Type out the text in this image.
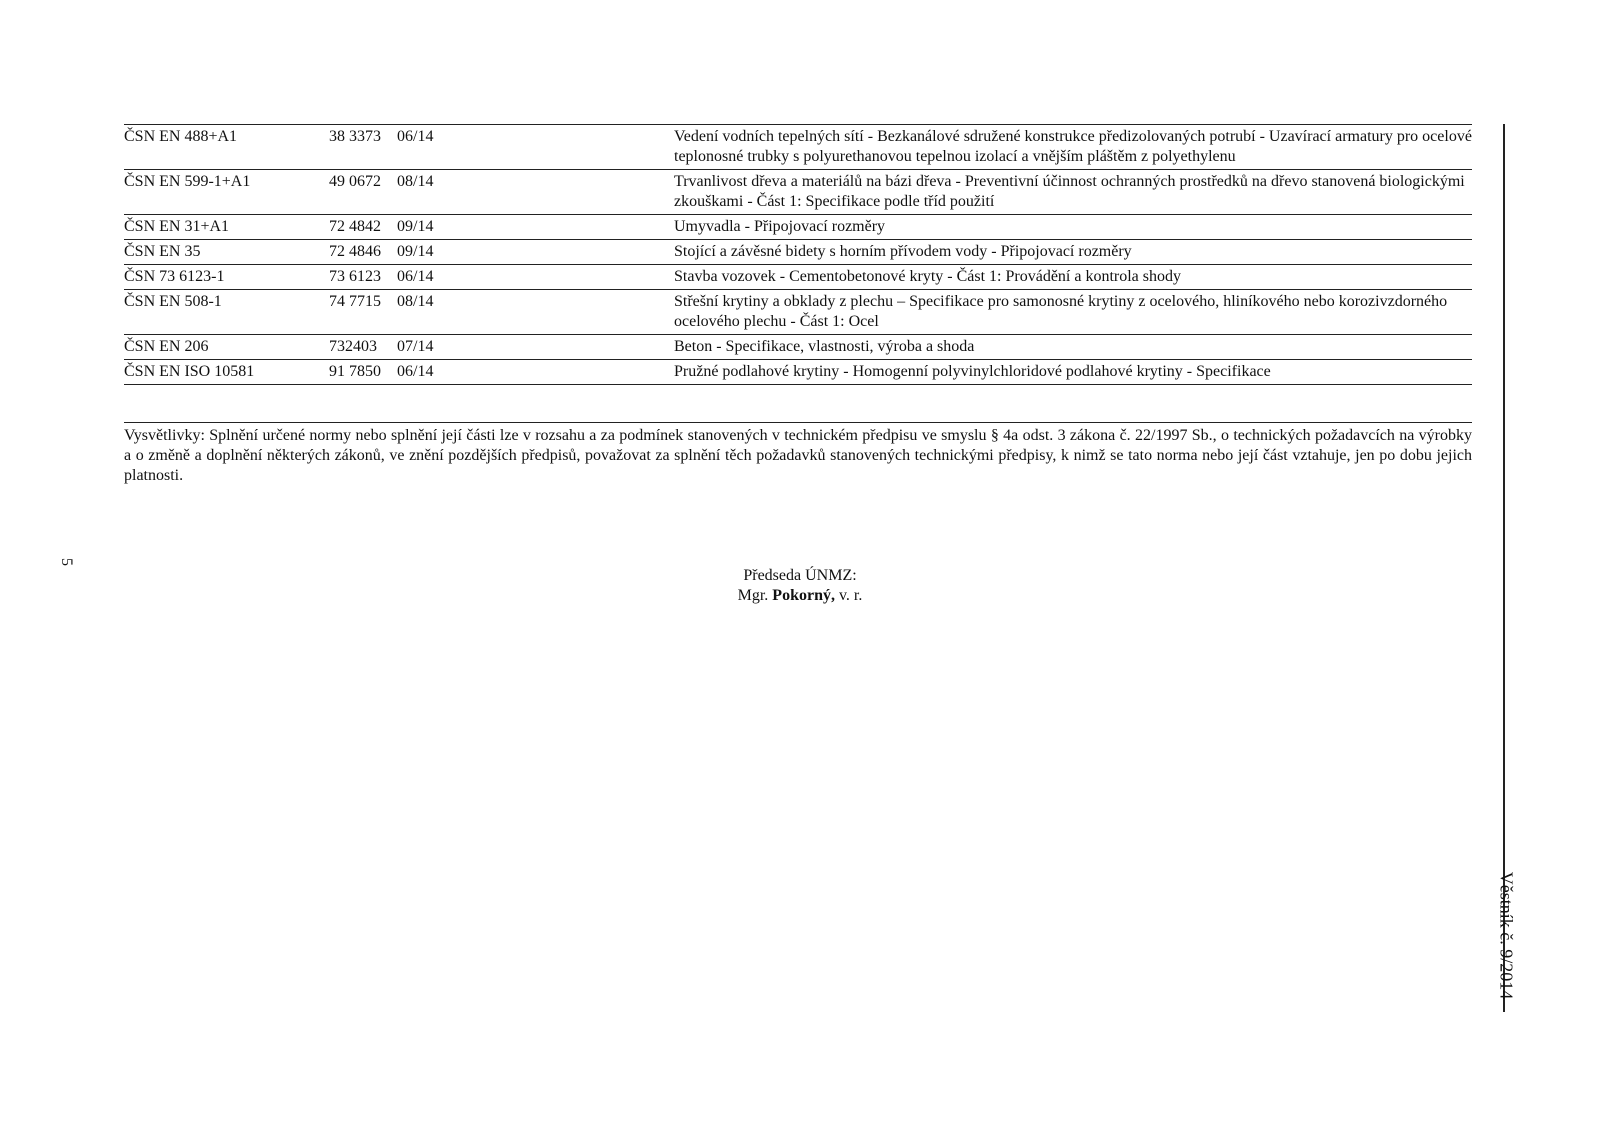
5
Věstník č. 9/2014
ČSN EN 488+A1	38 3373	06/14	Vedení vodních tepelných sítí - Bezkanálové sdružené konstrukce předizolovaných potrubí - Uzavírací armatury pro ocelové teplonosné trubky s polyurethanovou tepelnou izolací a vnějším pláštěm z polyethylenu
ČSN EN 599-1+A1	49 0672	08/14	Trvanlivost dřeva a materiálů na bázi dřeva - Preventivní účinnost ochranných prostředků na dřevo stanovená biologickými zkouškami - Část 1: Specifikace podle tříd použití
ČSN EN 31+A1	72 4842	09/14	Umyvadla - Připojovací rozměry
ČSN EN 35	72 4846	09/14	Stojící a závěsné bidety s horním přívodem vody - Připojovací rozměry
ČSN 73 6123-1	73 6123	06/14	Stavba vozovek - Cementobetonové kryty - Část 1: Provádění a kontrola shody
ČSN EN 508-1	74 7715	08/14	Střešní krytiny a obklady z plechu – Specifikace pro samonosné krytiny z ocelového, hliníkového nebo korozivzdorného ocelového plechu - Část 1: Ocel
ČSN EN 206	732403	07/14	Beton - Specifikace, vlastnosti, výroba a shoda
ČSN EN ISO 10581	91 7850	06/14	Pružné podlahové krytiny - Homogenní polyvinylchloridové podlahové krytiny - Specifikace
Vysvětlivky: Splnění určené normy nebo splnění její části lze v rozsahu a za podmínek stanovených v technickém předpisu ve smyslu § 4a odst. 3 zákona č. 22/1997 Sb., o technických požadavcích na výrobky a o změně a doplnění některých zákonů, ve znění pozdějších předpisů, považovat za splnění těch požadavků stanovených technickými předpisy, k nimž se tato norma nebo její část vztahuje, jen po dobu jejich platnosti.
Předseda ÚNMZ:
Mgr. Pokorný, v. r.
